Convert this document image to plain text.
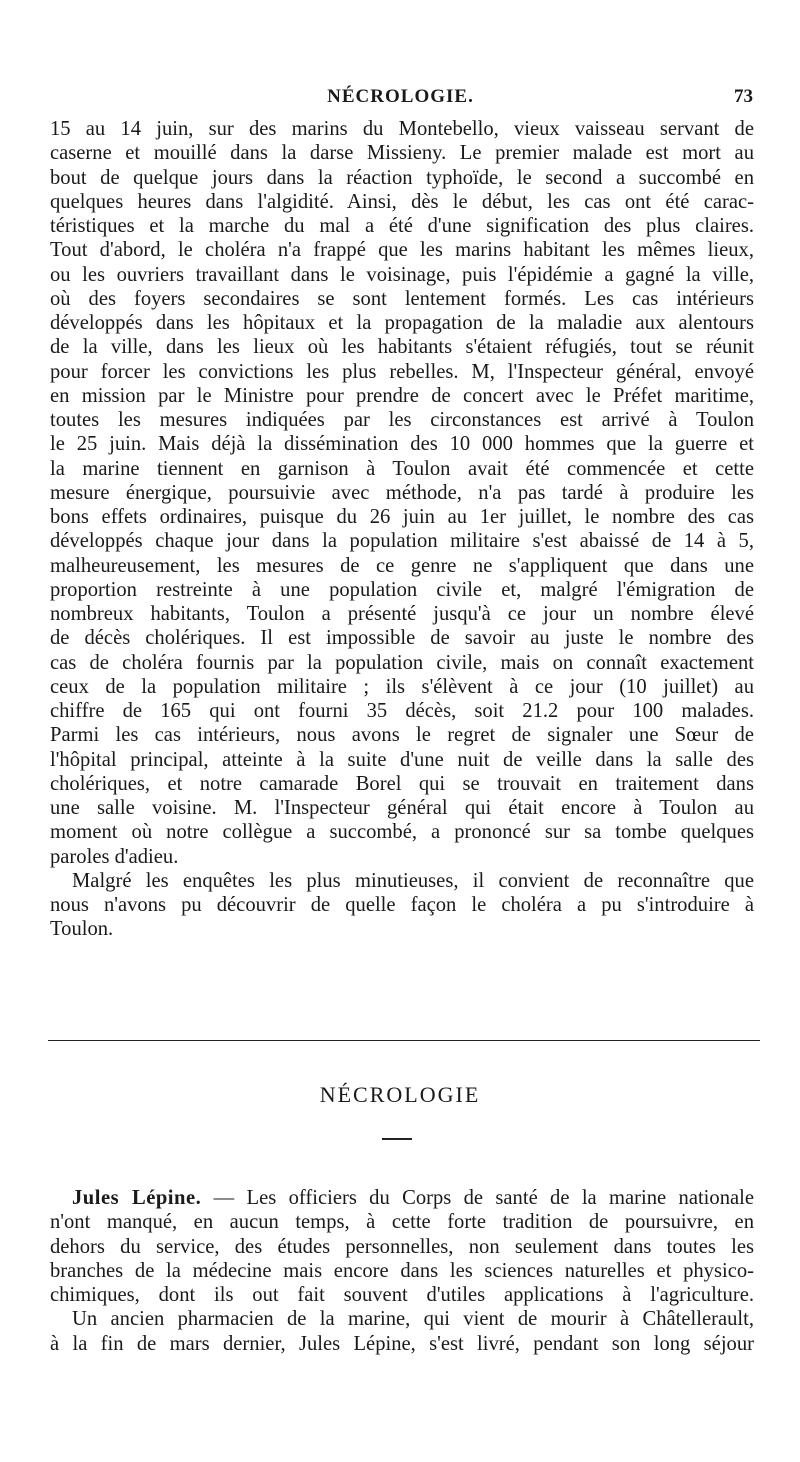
NÉCROLOGIE.	73
15 au 14 juin, sur des marins du Montebello, vieux vaisseau servant de
caserne et mouillé dans la darse Missieny. Le premier malade est mort au
bout de quelque jours dans la réaction typhoïde, le second a succombé en
quelques heures dans l'algidité. Ainsi, dès le début, les cas ont été carac-
téristiques et la marche du mal a été d'une signification des plus claires.
Tout d'abord, le choléra n'a frappé que les marins habitant les mêmes lieux,
ou les ouvriers travaillant dans le voisinage, puis l'épidémie a gagné la ville,
où des foyers secondaires se sont lentement formés. Les cas intérieurs
développés dans les hôpitaux et la propagation de la maladie aux alentours
de la ville, dans les lieux où les habitants s'étaient réfugiés, tout se réunit
pour forcer les convictions les plus rebelles. M, l'Inspecteur général, envoyé
en mission par le Ministre pour prendre de concert avec le Préfet maritime,
toutes les mesures indiquées par les circonstances est arrivé à Toulon
le 25 juin. Mais déjà la dissémination des 10 000 hommes que la guerre et
la marine tiennent en garnison à Toulon avait été commencée et cette
mesure énergique, poursuivie avec méthode, n'a pas tardé à produire les
bons effets ordinaires, puisque du 26 juin au 1er juillet, le nombre des cas
développés chaque jour dans la population militaire s'est abaissé de 14 à 5,
malheureusement, les mesures de ce genre ne s'appliquent que dans une
proportion restreinte à une population civile et, malgré l'émigration de
nombreux habitants, Toulon a présenté jusqu'à ce jour un nombre élevé
de décès cholériques. Il est impossible de savoir au juste le nombre des
cas de choléra fournis par la population civile, mais on connaît exactement
ceux de la population militaire ; ils s'élèvent à ce jour (10 juillet) au
chiffre de 165 qui ont fourni 35 décès, soit 21.2 pour 100 malades.
Parmi les cas intérieurs, nous avons le regret de signaler une Sœur de
l'hôpital principal, atteinte à la suite d'une nuit de veille dans la salle des
cholériques, et notre camarade Borel qui se trouvait en traitement dans
une salle voisine. M. l'Inspecteur général qui était encore à Toulon au
moment où notre collègue a succombé, a prononcé sur sa tombe quelques
paroles d'adieu.
Malgré les enquêtes les plus minutieuses, il convient de reconnaître que
nous n'avons pu découvrir de quelle façon le choléra a pu s'introduire à
Toulon.
NÉCROLOGIE
Jules Lépine. — Les officiers du Corps de santé de la marine nationale
n'ont manqué, en aucun temps, à cette forte tradition de poursuivre, en
dehors du service, des études personnelles, non seulement dans toutes les
branches de la médecine mais encore dans les sciences naturelles et physico-
chimiques, dont ils out fait souvent d'utiles applications à l'agriculture.
Un ancien pharmacien de la marine, qui vient de mourir à Châtellerault,
à la fin de mars dernier, Jules Lépine, s'est livré, pendant son long séjour
